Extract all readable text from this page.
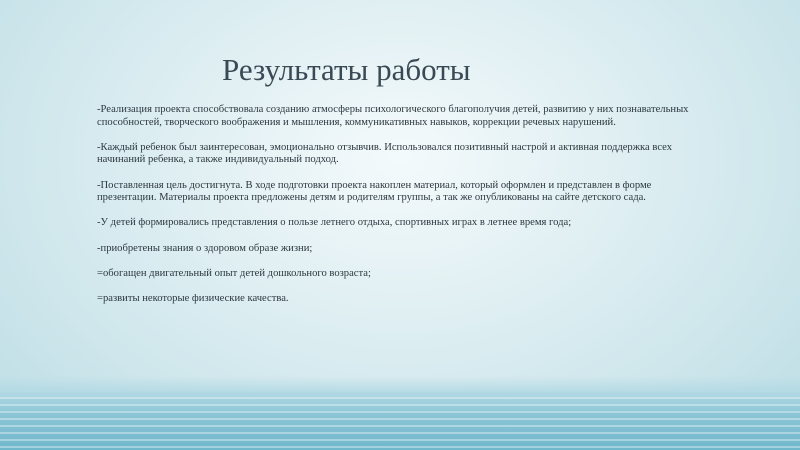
Результаты работы

-Реализация проекта способствовала созданию атмосферы психологического благополучия детей, развитию у них познавательных способностей, творческого воображения и мышления, коммуникативных навыков, коррекции речевых нарушений.

-Каждый ребенок был заинтересован, эмоционально отзывчив. Использовался позитивный настрой и активная поддержка всех начинаний ребенка, а также индивидуальный подход.

-Поставленная цель достигнута. В ходе подготовки проекта накоплен материал, который оформлен и представлен в форме презентации. Материалы проекта предложены детям и родителям группы, а так же опубликованы на сайте детского сада.

-У детей формировались представления о пользе летнего отдыха, спортивных играх в летнее время года;

-приобретены знания о здоровом образе жизни;

=обогащен двигательный опыт детей дошкольного возраста;

=развиты некоторые физические качества.
